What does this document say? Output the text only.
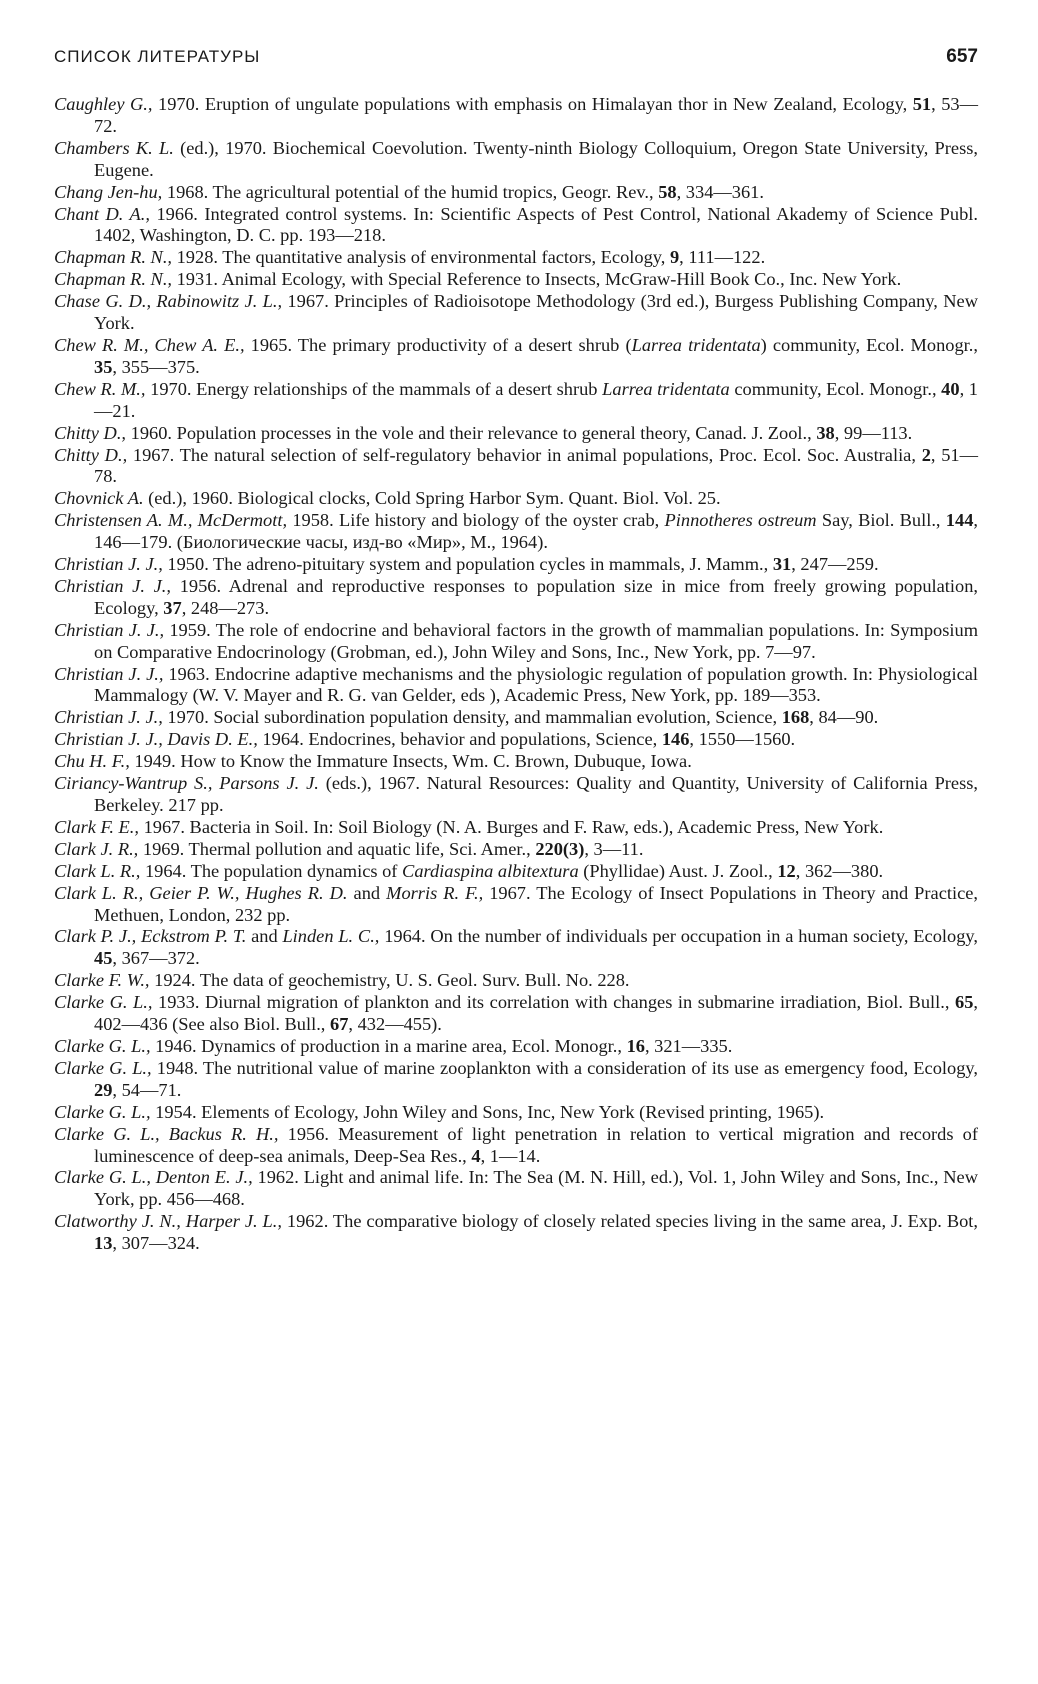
СПИСОК ЛИТЕРАТУРЫ	657
Caughley G., 1970. Eruption of ungulate populations with emphasis on Himalayan thor in New Zealand, Ecology, 51, 53—72.
Chambers K. L. (ed.), 1970. Biochemical Coevolution. Twenty-ninth Biology Colloquium, Oregon State University, Press, Eugene.
Chang Jen-hu, 1968. The agricultural potential of the humid tropics, Geogr. Rev., 58, 334—361.
Chant D. A., 1966. Integrated control systems. In: Scientific Aspects of Pest Control, National Akademy of Science Publ. 1402, Washington, D. C. pp. 193—218.
Chapman R. N., 1928. The quantitative analysis of environmental factors, Ecology, 9, 111—122.
Chapman R. N., 1931. Animal Ecology, with Special Reference to Insects, McGraw-Hill Book Co., Inc. New York.
Chase G. D., Rabinowitz J. L., 1967. Principles of Radioisotope Methodology (3rd ed.), Burgess Publishing Company, New York.
Chew R. M., Chew A. E., 1965. The primary productivity of a desert shrub (Larrea tridentata) community, Ecol. Monogr., 35, 355—375.
Chew R. M., 1970. Energy relationships of the mammals of a desert shrub Larrea tridentata community, Ecol. Monogr., 40, 1—21.
Chitty D., 1960. Population processes in the vole and their relevance to general theory, Canad. J. Zool., 38, 99—113.
Chitty D., 1967. The natural selection of self-regulatory behavior in animal populations, Proc. Ecol. Soc. Australia, 2, 51—78.
Chovnick A. (ed.), 1960. Biological clocks, Cold Spring Harbor Sym. Quant. Biol. Vol. 25.
Christensen A. M., McDermott, 1958. Life history and biology of the oyster crab, Pinnotheres ostreum Say, Biol. Bull., 144, 146—179. (Биологические часы, изд-во «Мир», М., 1964).
Christian J. J., 1950. The adreno-pituitary system and population cycles in mammals, J. Mamm., 31, 247—259.
Christian J. J., 1956. Adrenal and reproductive responses to population size in mice from freely growing population, Ecology, 37, 248—273.
Christian J. J., 1959. The role of endocrine and behavioral factors in the growth of mammalian populations. In: Symposium on Comparative Endocrinology (Grobman, ed.), John Wiley and Sons, Inc., New York, pp. 7—97.
Christian J. J., 1963. Endocrine adaptive mechanisms and the physiologic regulation of population growth. In: Physiological Mammalogy (W. V. Mayer and R. G. van Gelder, eds ), Academic Press, New York, pp. 189—353.
Christian J. J., 1970. Social subordination population density, and mammalian evolution, Science, 168, 84—90.
Christian J. J., Davis D. E., 1964. Endocrines, behavior and populations, Science, 146, 1550—1560.
Chu H. F., 1949. How to Know the Immature Insects, Wm. C. Brown, Dubuque, Iowa.
Ciriancy-Wantrup S., Parsons J. J. (eds.), 1967. Natural Resources: Quality and Quantity, University of California Press, Berkeley. 217 pp.
Clark F. E., 1967. Bacteria in Soil. In: Soil Biology (N. A. Burges and F. Raw, eds.), Academic Press, New York.
Clark J. R., 1969. Thermal pollution and aquatic life, Sci. Amer., 220(3), 3—11.
Clark L. R., 1964. The population dynamics of Cardiaspina albitextura (Phyllidae) Aust. J. Zool., 12, 362—380.
Clark L. R., Geier P. W., Hughes R. D. and Morris R. F., 1967. The Ecology of Insect Populations in Theory and Practice, Methuen, London, 232 pp.
Clark P. J., Eckstrom P. T. and Linden L. C., 1964. On the number of individuals per occupation in a human society, Ecology, 45, 367—372.
Clarke F. W., 1924. The data of geochemistry, U. S. Geol. Surv. Bull. No. 228.
Clarke G. L., 1933. Diurnal migration of plankton and its correlation with changes in submarine irradiation, Biol. Bull., 65, 402—436 (See also Biol. Bull., 67, 432—455).
Clarke G. L., 1946. Dynamics of production in a marine area, Ecol. Monogr., 16, 321—335.
Clarke G. L., 1948. The nutritional value of marine zooplankton with a consideration of its use as emergency food, Ecology, 29, 54—71.
Clarke G. L., 1954. Elements of Ecology, John Wiley and Sons, Inc, New York (Revised printing, 1965).
Clarke G. L., Backus R. H., 1956. Measurement of light penetration in relation to vertical migration and records of luminescence of deep-sea animals, Deep-Sea Res., 4, 1—14.
Clarke G. L., Denton E. J., 1962. Light and animal life. In: The Sea (M. N. Hill, ed.), Vol. 1, John Wiley and Sons, Inc., New York, pp. 456—468.
Clatworthy J. N., Harper J. L., 1962. The comparative biology of closely related species living in the same area, J. Exp. Bot, 13, 307—324.
